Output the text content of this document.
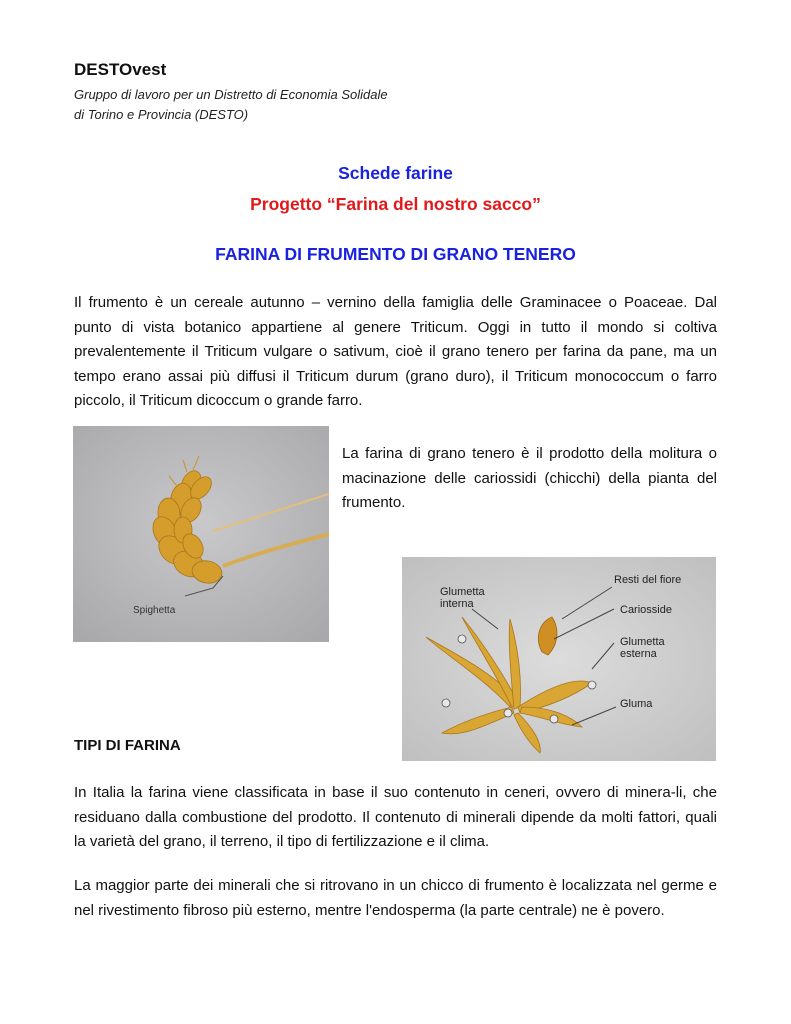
DESTOvest
Gruppo di lavoro per un Distretto di Economia Solidale
di Torino e Provincia (DESTO)
Schede farine
Progetto “Farina del nostro sacco”
FARINA DI FRUMENTO DI GRANO TENERO
Il frumento è un cereale autunno – vernino della famiglia delle Graminacee o Poaceae. Dal punto di vista botanico appartiene al genere Triticum. Oggi in tutto il mondo si coltiva prevalentemente il Triticum vulgare o sativum, cioè il grano tenero per farina da pane, ma un tempo erano assai più diffusi il Triticum durum (grano duro), il Triticum monococcum o farro piccolo, il Triticum dicoccum o grande farro.
Spighetta
La farina di grano tenero è il prodotto della molitura o macinazione delle cariossidi (chicchi) della pianta del frumento.
Glumetta
interna
Resti del fiore
Cariosside
Glumetta
esterna
Gluma
TIPI DI FARINA
In Italia la farina viene classificata in base il suo contenuto in ceneri, ovvero di minera-li, che residuano dalla combustione del prodotto. Il contenuto di minerali dipende da molti fattori, quali la varietà del grano, il terreno, il tipo di fertilizzazione e il clima.
La maggior parte dei minerali che si ritrovano in un chicco di frumento è localizzata nel germe e nel rivestimento fibroso più esterno, mentre l'endosperma (la parte centrale) ne è povero.
